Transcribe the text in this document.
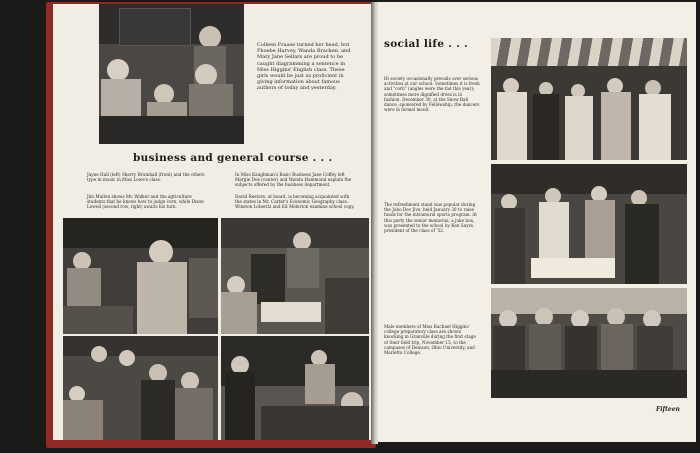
Colleen Fraase turned her head, but Phoebe Harvey, Wanda Bracken, and Mary Jane Sellars are proud to be caught diagramming a sentence in Miss Higgins' English class. These girls would be just as proficient in giving information about famous authors of today and yesterday.
business and general course . . .
Jayne Hall (left) Sherry Brumhall (front) and the others type in music in Miss Lowe's class.
Jim Mullen shows Mr. Walker and the agriculture students that he knows how to judge corn, while Dixon Lowell (second row, right) awaits his turn.
In Miss Kaughman's Basic Business Jane Coffey left Margie Doe (center) and Wanda Hammond explain the subjects offered by the business department.
David Restore, at board, is becoming acquainted with the states in Mr. Carter's Economic Geography class. Winston Loberitz and Ed Melerton examine school copy.
social life . . .
Hi society occasionally prevails over serious activities at our school. Sometimes it is fresh and "corn" (angles were the fad this year); sometimes more dignified dress is in fashion. December 30, at the Snow Ball dance, sponsored by Fellowship, the dancers were in formal mood.
The refreshment stand was popular during the Jobo Dev Jive, held January 30 to raise funds for the intramural sports program. At this party the senior memorial, a juke box, was presented to the school by Ken Sayre, president of the class of '52.
Male members of Miss Rachael Higgins' college preparatory class are shown knocking in Granville during the first stage of their field trip, November 15, to the campuses of Denison, Ohio University, and Marietta College.
Fifteen
